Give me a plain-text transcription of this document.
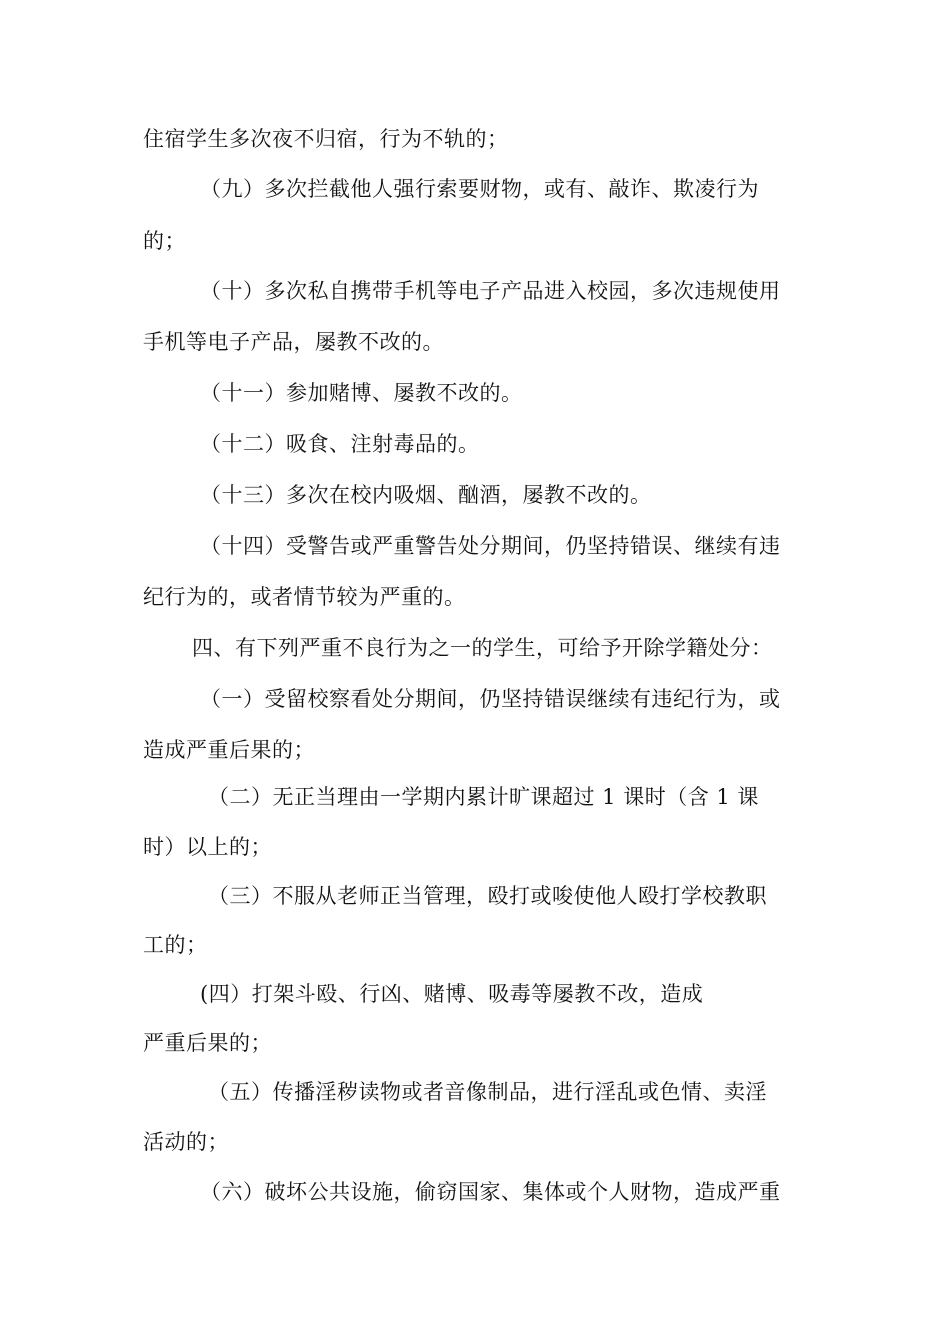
住宿学生多次夜不归宿，行为不轨的；
（九）多次拦截他人强行索要财物，或有、敲诈、欺凌行为
的；
（十）多次私自携带手机等电子产品进入校园，多次违规使用
手机等电子产品，屡教不改的。
（十一）参加赌博、屡教不改的。
（十二）吸食、注射毒品的。
（十三）多次在校内吸烟、酗酒，屡教不改的。
（十四）受警告或严重警告处分期间，仍坚持错误、继续有违
纪行为的，或者情节较为严重的。
四、有下列严重不良行为之一的学生，可给予开除学籍处分：
（一）受留校察看处分期间，仍坚持错误继续有违纪行为，或
造成严重后果的；
（二）无正当理由一学期内累计旷课超过 1 课时（含 1 课
时）以上的；
（三）不服从老师正当管理，殴打或唆使他人殴打学校教职
工的；
(四）打架斗殴、行凶、赌博、吸毒等屡教不改，造成
严重后果的；
（五）传播淫秽读物或者音像制品，进行淫乱或色情、卖淫
活动的；
（六）破坏公共设施，偷窃国家、集体或个人财物，造成严重
